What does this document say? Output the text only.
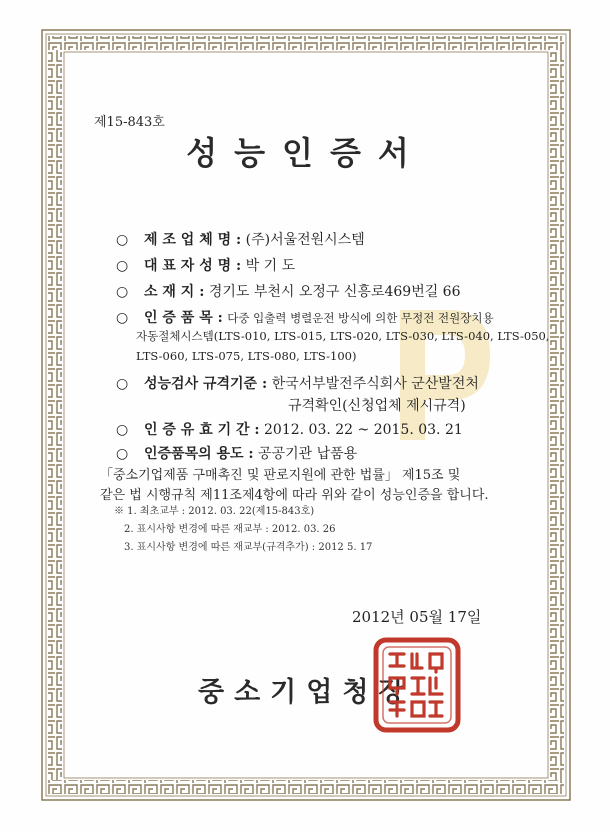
제15-843호
성능인증서
○ 제 조 업 체 명 : (주)서울전원시스템
○ 대 표 자 성 명 : 박 기 도
○ 소 재 지 : 경기도 부천시 오정구 신흥로469번길 66
○ 인 증 품 목 : 다중 입출력 병렬운전 방식에 의한 무정전 전원장치용
자동절체시스템(LTS-010, LTS-015, LTS-020, LTS-030, LTS-040, LTS-050,
LTS-060, LTS-075, LTS-080, LTS-100)
○ 성능검사 규격기준 : 한국서부발전주식회사 군산발전처
규격확인(신청업체 제시규격)
○ 인 증 유 효 기 간 : 2012. 03. 22 ~ 2015. 03. 21
○ 인증품목의 용도 : 공공기관 납품용
「중소기업제품 구매촉진 및 판로지원에 관한 법률」 제15조 및
같은 법 시행규칙 제11조제4항에 따라 위와 같이 성능인증을 합니다.
※ 1. 최초교부 : 2012. 03. 22(제15-843호)
2. 표시사항 변경에 따른 재교부 : 2012. 03. 26
3. 표시사항 변경에 따른 재교부(규격추가) : 2012 5. 17
2012년 05월 17일
중소기업청장
